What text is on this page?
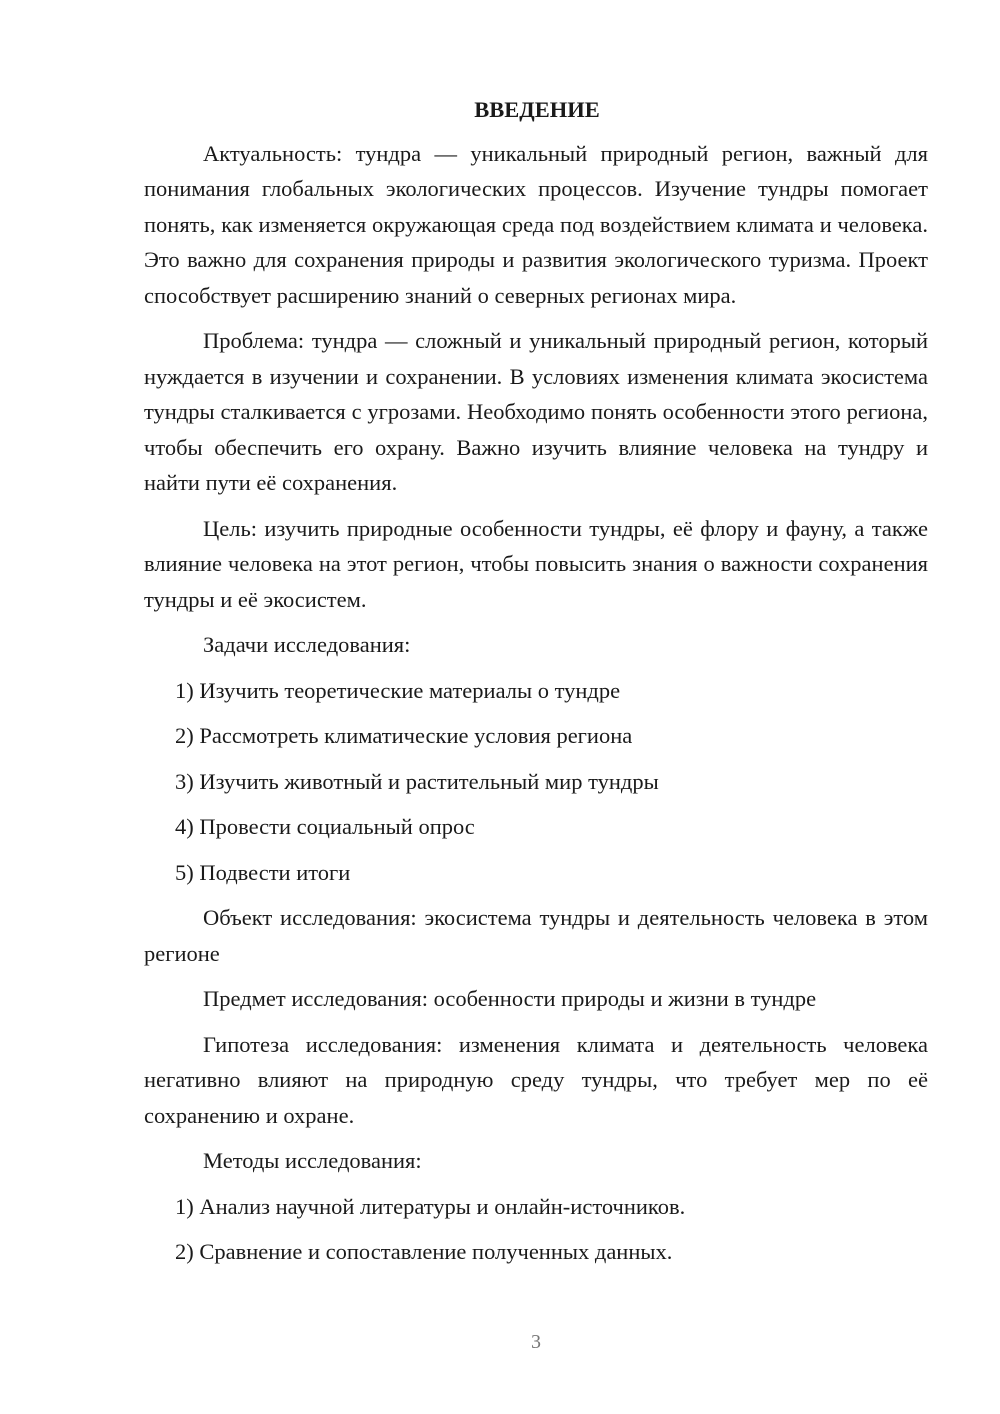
ВВЕДЕНИЕ

Актуальность: тундра — уникальный природный регион, важный для понимания глобальных экологических процессов. Изучение тундры помогает понять, как изменяется окружающая среда под воздействием климата и человека. Это важно для сохранения природы и развития экологического туризма. Проект способствует расширению знаний о северных регионах мира.

Проблема: тундра — сложный и уникальный природный регион, который нуждается в изучении и сохранении. В условиях изменения климата экосистема тундры сталкивается с угрозами. Необходимо понять особенности этого региона, чтобы обеспечить его охрану. Важно изучить влияние человека на тундру и найти пути её сохранения.

Цель: изучить природные особенности тундры, её флору и фауну, а также влияние человека на этот регион, чтобы повысить знания о важности сохранения тундры и её экосистем.

Задачи исследования:

1) Изучить теоретические материалы о тундре

2) Рассмотреть климатические условия региона

3) Изучить животный и растительный мир тундры

4) Провести социальный опрос

5) Подвести итоги

Объект исследования: экосистема тундры и деятельность человека в этом регионе

Предмет исследования: особенности природы и жизни в тундре

Гипотеза исследования: изменения климата и деятельность человека негативно влияют на природную среду тундры, что требует мер по её сохранению и охране.

Методы исследования:

1) Анализ научной литературы и онлайн-источников.

2) Сравнение и сопоставление полученных данных.

3
